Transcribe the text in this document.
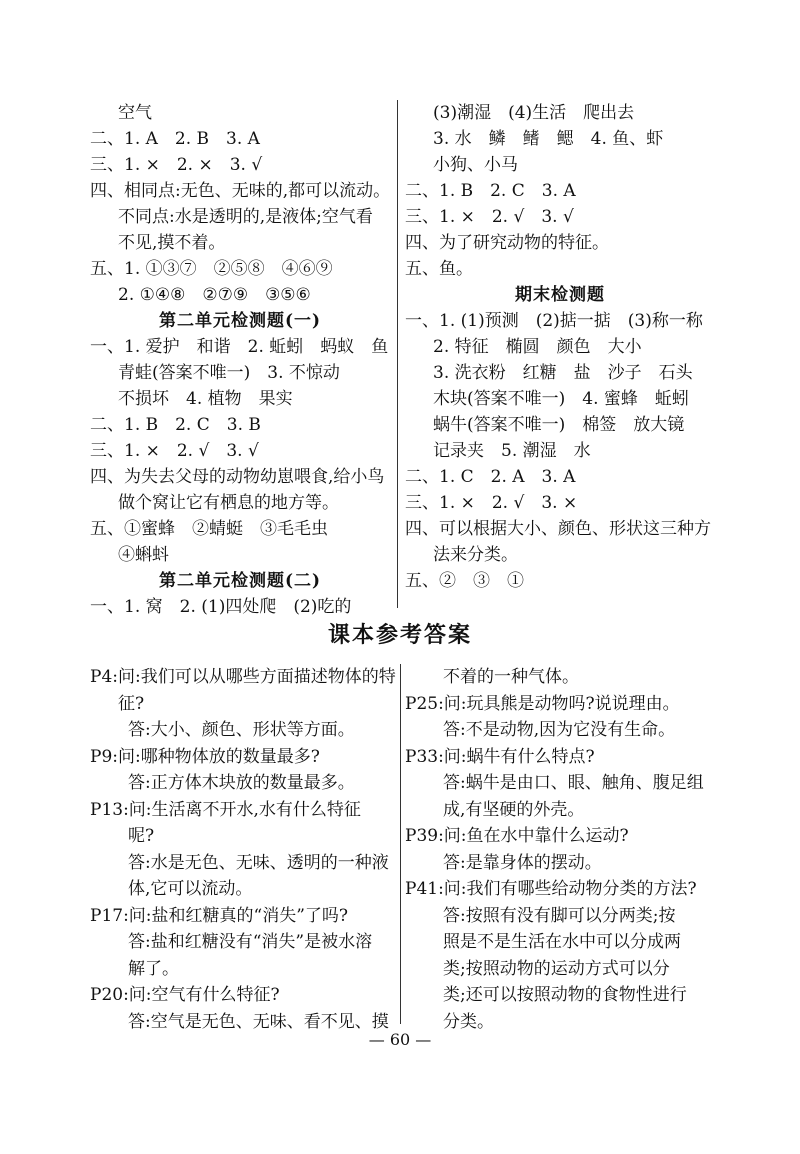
空气
二、1. A　2. B　3. A
三、1. ×　2. ×　3. √
四、相同点:无色、无味的,都可以流动。
不同点:水是透明的,是液体;空气看
不见,摸不着。
五、1. ①③⑦　②⑤⑧　④⑥⑨
2. ①④⑧　②⑦⑨　③⑤⑥
第二单元检测题(一)
一、1. 爱护　和谐　2. 蚯蚓　蚂蚁　鱼
青蛙(答案不唯一)　3. 不惊动
不损坏　4. 植物　果实
二、1. B　2. C　3. B
三、1. ×　2. √　3. √
四、为失去父母的动物幼崽喂食,给小鸟
做个窝让它有栖息的地方等。
五、①蜜蜂　②蜻蜓　③毛毛虫
④蝌蚪
第二单元检测题(二)
一、1. 窝　2. (1)四处爬　(2)吃的
(3)潮湿　(4)生活　爬出去
3. 水　鳞　鳍　鳃　4. 鱼、虾
小狗、小马
二、1. B　2. C　3. A
三、1. ×　2. √　3. √
四、为了研究动物的特征。
五、鱼。
期末检测题
一、1. (1)预测　(2)掂一掂　(3)称一称
2. 特征　椭圆　颜色　大小
3. 洗衣粉　红糖　盐　沙子　石头
木块(答案不唯一)　4. 蜜蜂　蚯蚓
蜗牛(答案不唯一)　棉签　放大镜
记录夹　5. 潮湿　水
二、1. C　2. A　3. A
三、1. ×　2. √　3. ×
四、可以根据大小、颜色、形状这三种方
法来分类。
五、②　③　①
课本参考答案
P4:问:我们可以从哪些方面描述物体的特
征?
答:大小、颜色、形状等方面。
P9:问:哪种物体放的数量最多?
答:正方体木块放的数量最多。
P13:问:生活离不开水,水有什么特征
呢?
答:水是无色、无味、透明的一种液
体,它可以流动。
P17:问:盐和红糖真的“消失”了吗?
答:盐和红糖没有“消失”是被水溶
解了。
P20:问:空气有什么特征?
答:空气是无色、无味、看不见、摸
不着的一种气体。
P25:问:玩具熊是动物吗?说说理由。
答:不是动物,因为它没有生命。
P33:问:蜗牛有什么特点?
答:蜗牛是由口、眼、触角、腹足组
成,有坚硬的外壳。
P39:问:鱼在水中靠什么运动?
答:是靠身体的摆动。
P41:问:我们有哪些给动物分类的方法?
答:按照有没有脚可以分两类;按
照是不是生活在水中可以分成两
类;按照动物的运动方式可以分
类;还可以按照动物的食物性进行
分类。
— 60 —
